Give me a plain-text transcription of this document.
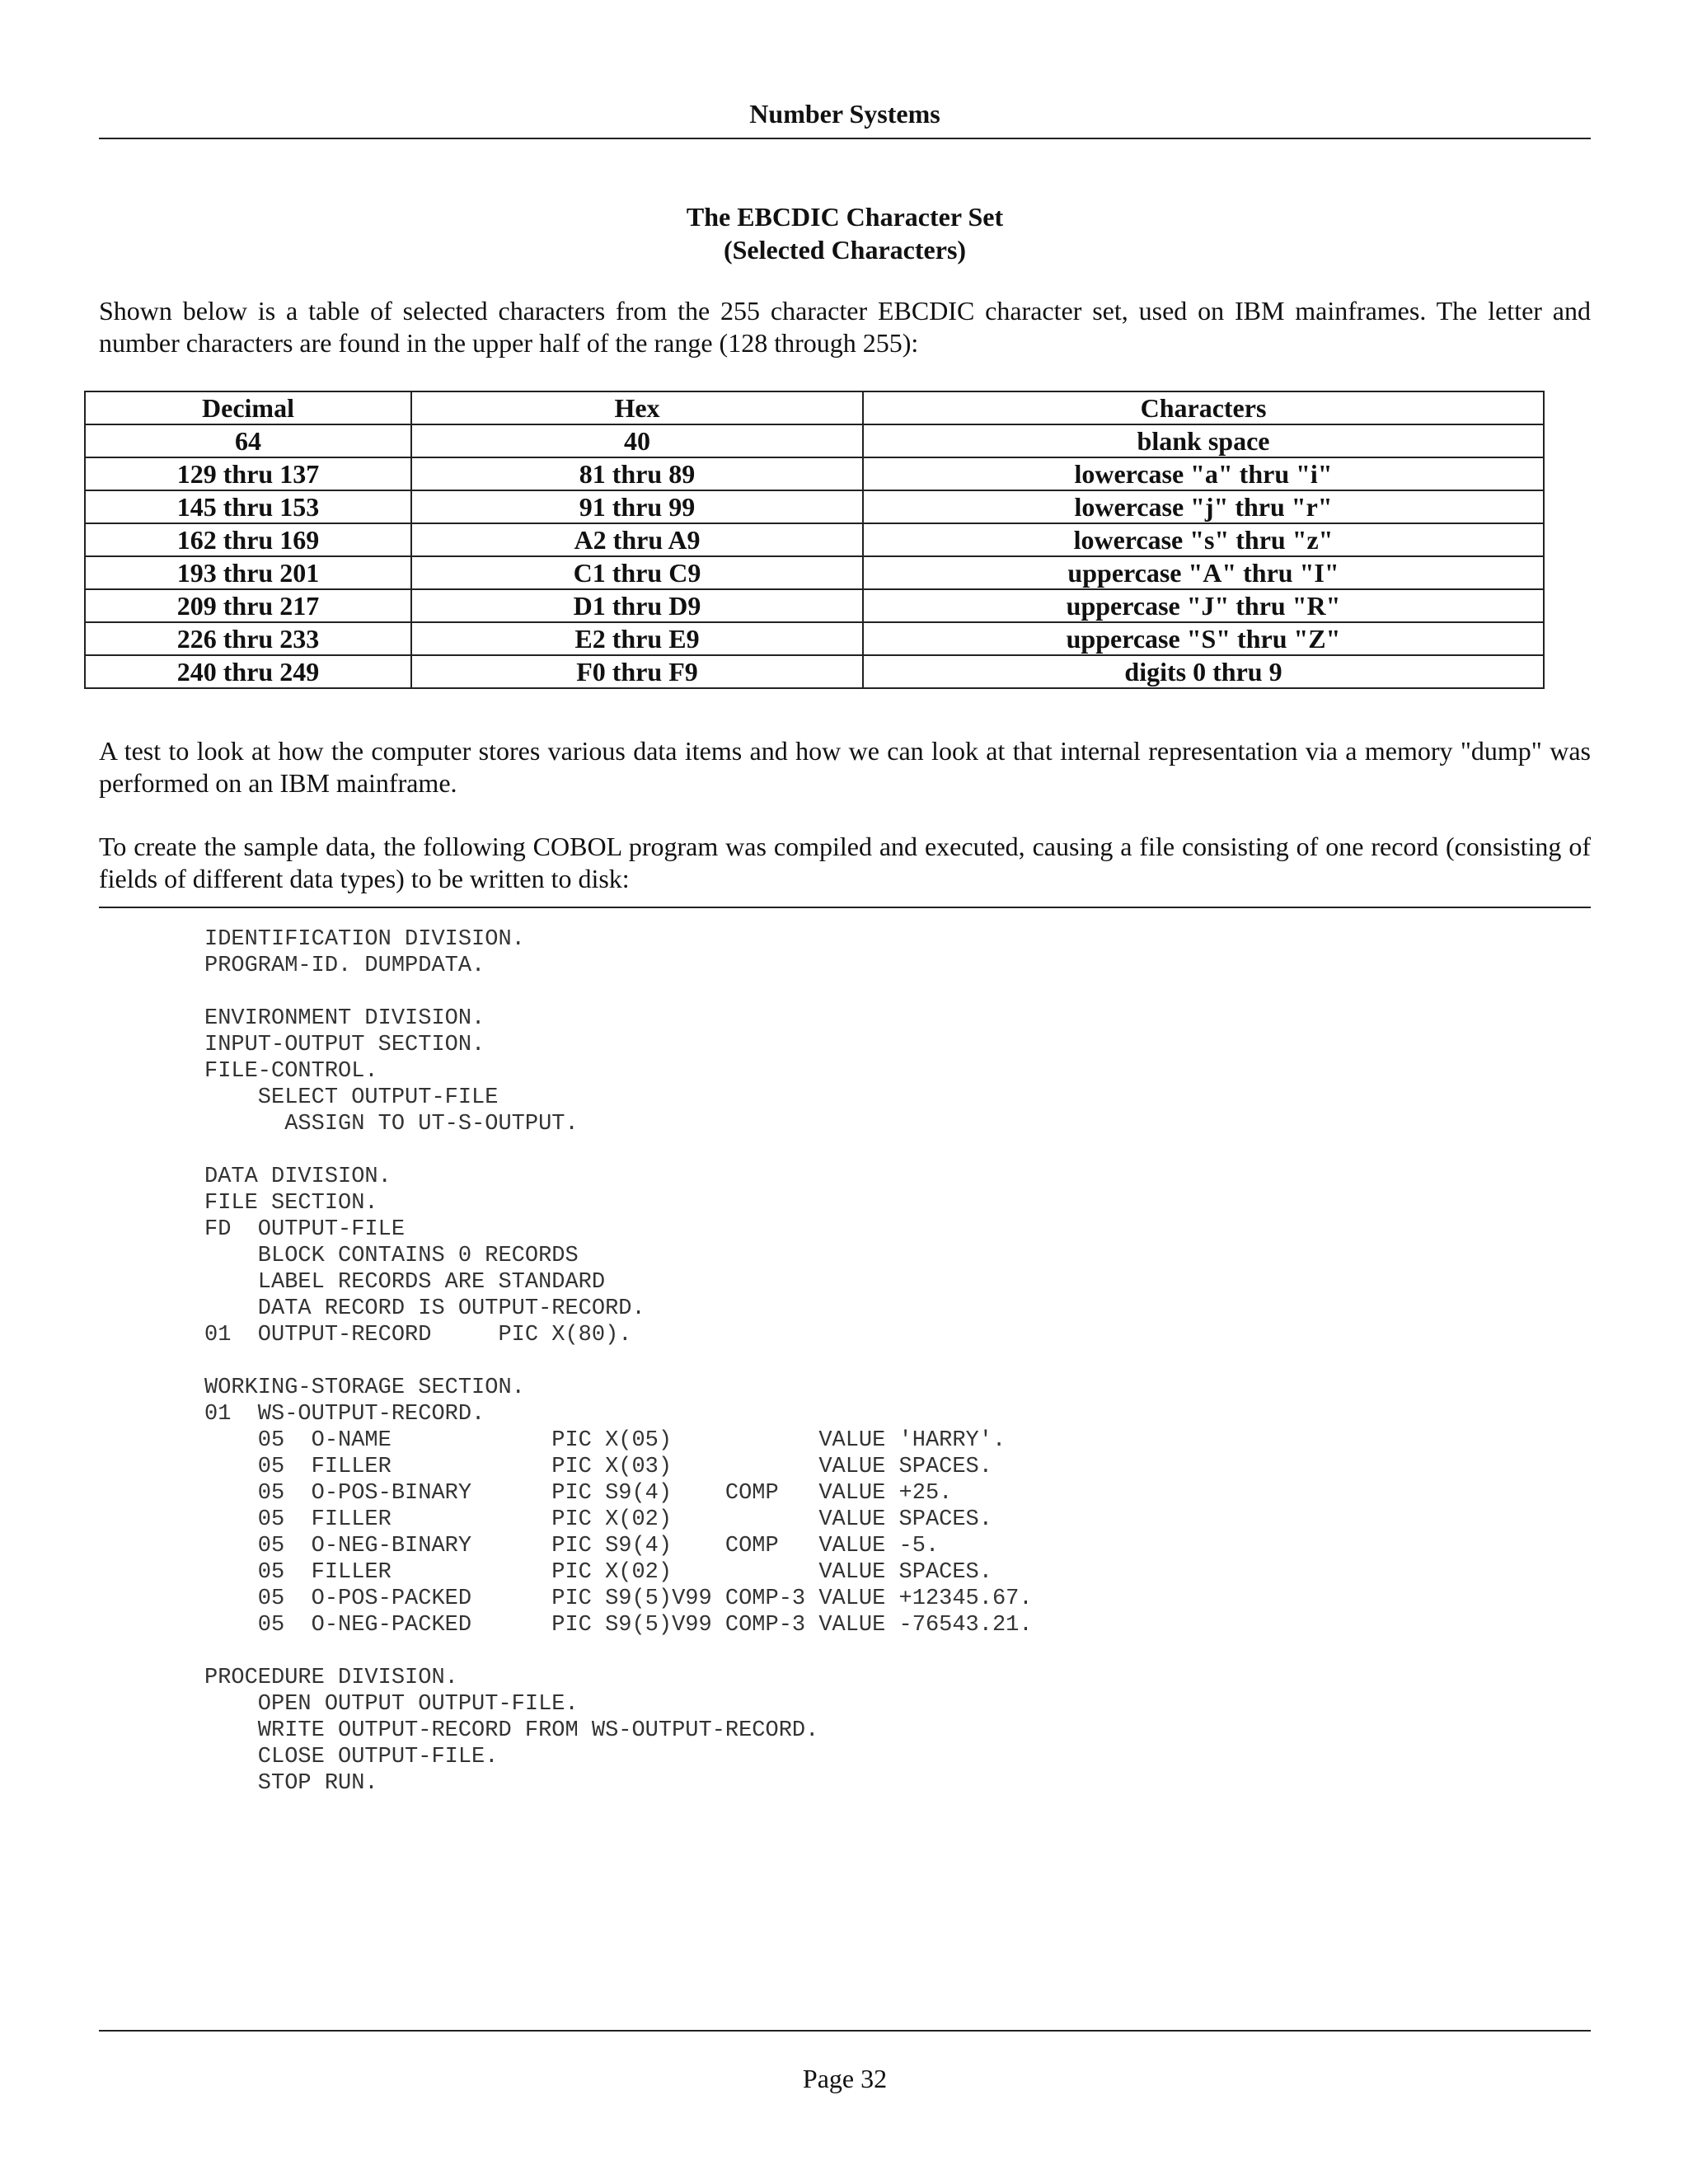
Number Systems
The EBCDIC Character Set
(Selected Characters)

Shown below is a table of selected characters from the 255 character EBCDIC character set, used on IBM mainframes. The letter and number characters are found in the upper half of the range (128 through 255):

Decimal	Hex	Characters
64	40	blank space
129 thru 137	81 thru 89	lowercase "a" thru "i"
145 thru 153	91 thru 99	lowercase "j" thru "r"
162 thru 169	A2 thru A9	lowercase "s" thru "z"
193 thru 201	C1 thru C9	uppercase "A" thru "I"
209 thru 217	D1 thru D9	uppercase "J" thru "R"
226 thru 233	E2 thru E9	uppercase "S" thru "Z"
240 thru 249	F0 thru F9	digits 0 thru 9

A test to look at how the computer stores various data items and how we can look at that internal representation via a memory "dump" was performed on an IBM mainframe.

To create the sample data, the following COBOL program was compiled and executed, causing a file consisting of one record (consisting of fields of different data types) to be written to disk:

IDENTIFICATION DIVISION.
PROGRAM-ID. DUMPDATA.

ENVIRONMENT DIVISION.
INPUT-OUTPUT SECTION.
FILE-CONTROL.
SELECT OUTPUT-FILE
ASSIGN TO UT-S-OUTPUT.

DATA DIVISION.
FILE SECTION.
FD  OUTPUT-FILE
BLOCK CONTAINS 0 RECORDS
LABEL RECORDS ARE STANDARD
DATA RECORD IS OUTPUT-RECORD.
01  OUTPUT-RECORD     PIC X(80).

WORKING-STORAGE SECTION.
01  WS-OUTPUT-RECORD.
05  O-NAME            PIC X(05)           VALUE 'HARRY'.
05  FILLER            PIC X(03)           VALUE SPACES.
05  O-POS-BINARY      PIC S9(4)    COMP   VALUE +25.
05  FILLER            PIC X(02)           VALUE SPACES.
05  O-NEG-BINARY      PIC S9(4)    COMP   VALUE -5.
05  FILLER            PIC X(02)           VALUE SPACES.
05  O-POS-PACKED      PIC S9(5)V99 COMP-3 VALUE +12345.67.
05  O-NEG-PACKED      PIC S9(5)V99 COMP-3 VALUE -76543.21.

PROCEDURE DIVISION.
OPEN OUTPUT OUTPUT-FILE.
WRITE OUTPUT-RECORD FROM WS-OUTPUT-RECORD.
CLOSE OUTPUT-FILE.
STOP RUN.
Page 32
